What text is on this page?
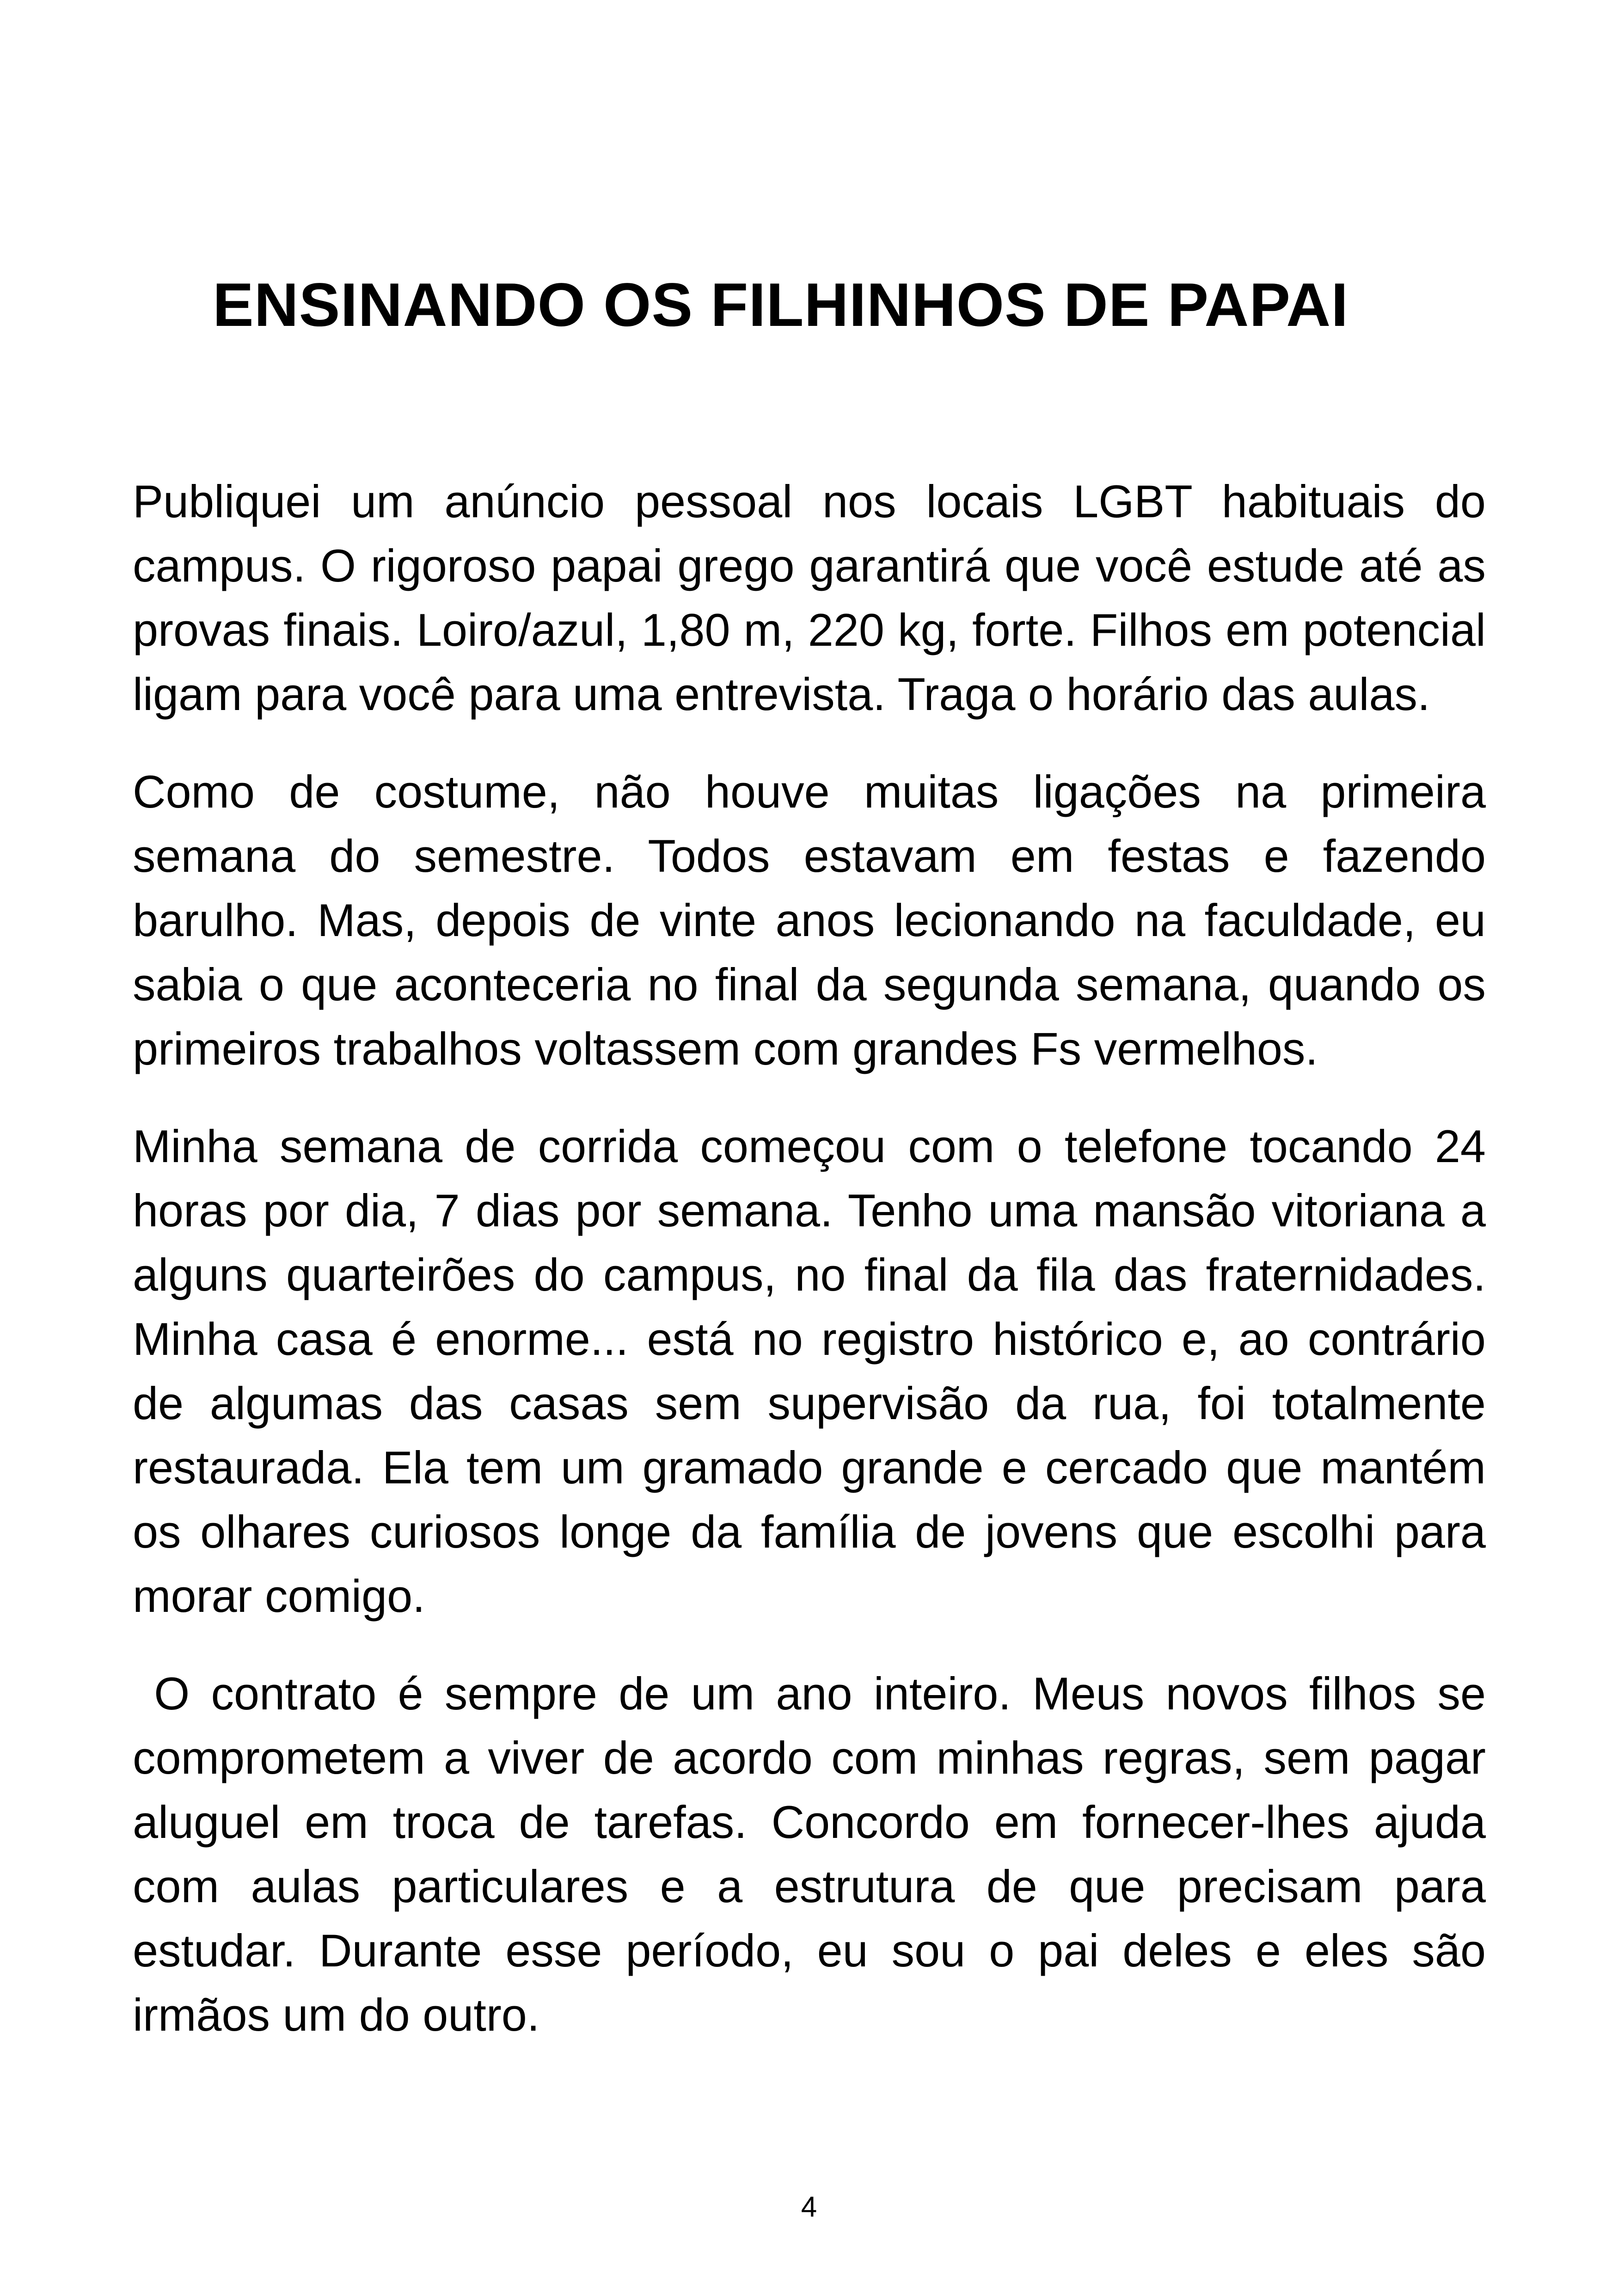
ENSINANDO OS FILHINHOS DE PAPAI

Publiquei um anúncio pessoal nos locais LGBT habituais do campus. O rigoroso papai grego garantirá que você estude até as provas finais. Loiro/azul, 1,80 m, 220 kg, forte. Filhos em potencial ligam para você para uma entrevista. Traga o horário das aulas.

Como de costume, não houve muitas ligações na primeira semana do semestre. Todos estavam em festas e fazendo barulho. Mas, depois de vinte anos lecionando na faculdade, eu sabia o que aconteceria no final da segunda semana, quando os primeiros trabalhos voltassem com grandes Fs vermelhos.

Minha semana de corrida começou com o telefone tocando 24 horas por dia, 7 dias por semana. Tenho uma mansão vitoriana a alguns quarteirões do campus, no final da fila das fraternidades. Minha casa é enorme... está no registro histórico e, ao contrário de algumas das casas sem supervisão da rua, foi totalmente restaurada. Ela tem um gramado grande e cercado que mantém os olhares curiosos longe da família de jovens que escolhi para morar comigo.

O contrato é sempre de um ano inteiro. Meus novos filhos se comprometem a viver de acordo com minhas regras, sem pagar aluguel em troca de tarefas. Concordo em fornecer-lhes ajuda com aulas particulares e a estrutura de que precisam para estudar. Durante esse período, eu sou o pai deles e eles são irmãos um do outro.

4
